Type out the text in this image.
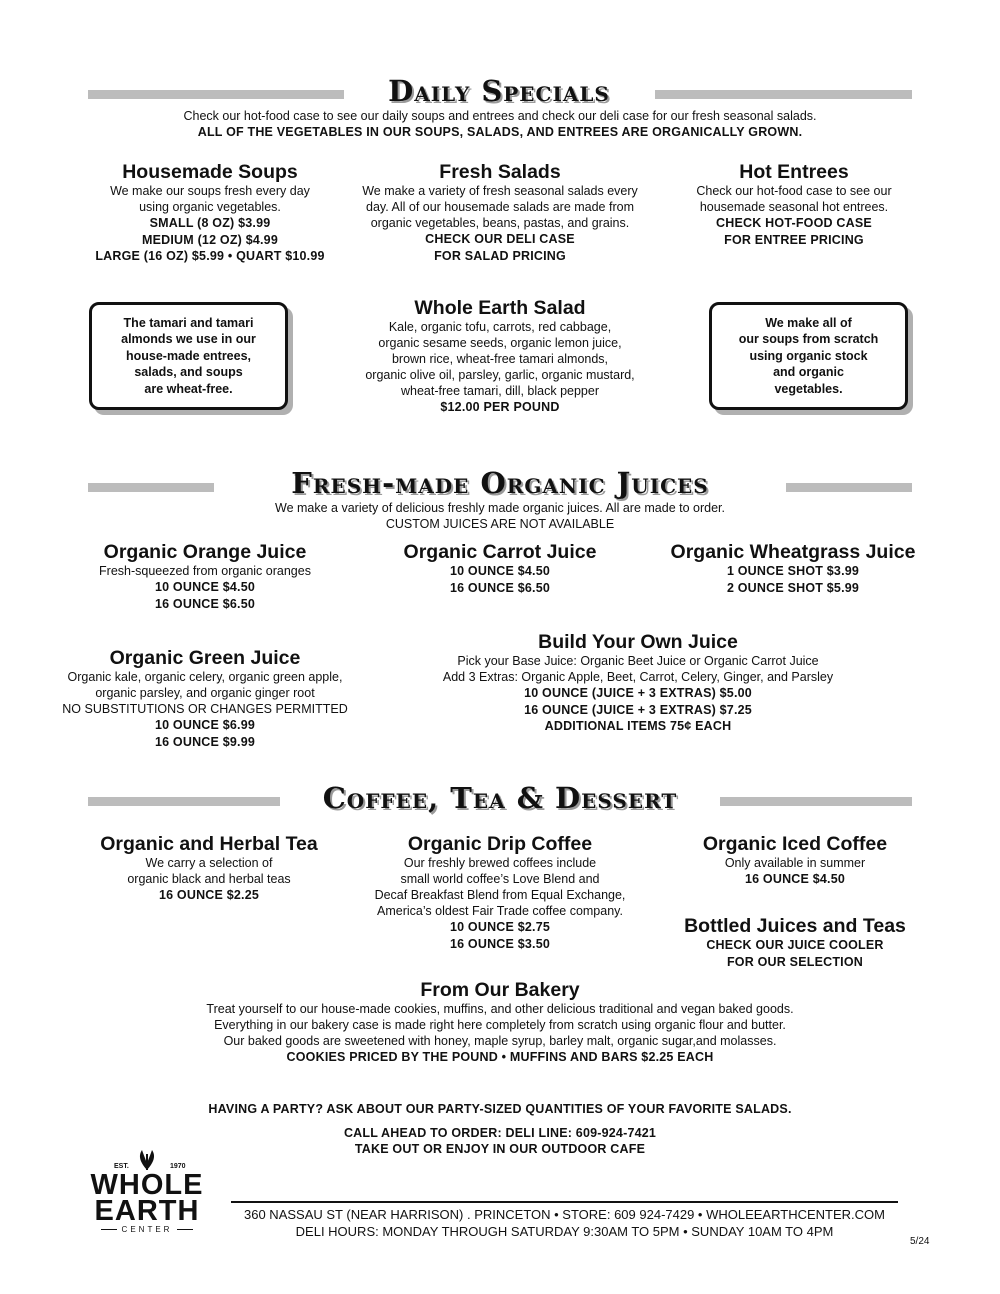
Daily Specials
Check our hot-food case to see our daily soups and entrees and check our deli case for our fresh seasonal salads.
ALL OF THE VEGETABLES IN OUR SOUPS, SALADS, AND ENTREES ARE ORGANICALLY GROWN.
Housemade Soups
We make our soups fresh every day
using organic vegetables.
SMALL (8 OZ) $3.99
MEDIUM (12 OZ) $4.99
LARGE (16 OZ) $5.99 • QUART $10.99
Fresh Salads
We make a variety of fresh seasonal salads every
day. All of our housemade salads are made from
organic vegetables, beans, pastas, and grains.
CHECK OUR DELI CASE
FOR SALAD PRICING
Hot Entrees
Check our hot-food case to see our
housemade seasonal hot entrees.
CHECK HOT-FOOD CASE
FOR ENTREE PRICING
The tamari and tamari
almonds we use in our
house-made entrees,
salads, and soups
are wheat-free.
Whole Earth Salad
Kale, organic tofu, carrots, red cabbage,
organic sesame seeds, organic lemon juice,
brown rice, wheat-free tamari almonds,
organic olive oil, parsley, garlic, organic mustard,
wheat-free tamari, dill, black pepper
$12.00 PER POUND
We make all of
our soups from scratch
using organic stock
and organic
vegetables.
Fresh-made Organic Juices
We make a variety of delicious freshly made organic juices. All are made to order.
CUSTOM JUICES ARE NOT AVAILABLE
Organic Orange Juice
Fresh-squeezed from organic oranges
10 OUNCE $4.50
16 OUNCE $6.50
Organic Carrot Juice
10 OUNCE $4.50
16 OUNCE $6.50
Organic Wheatgrass Juice
1 OUNCE SHOT $3.99
2 OUNCE SHOT $5.99
Organic Green Juice
Organic kale, organic celery, organic green apple,
organic parsley, and organic ginger root
NO SUBSTITUTIONS OR CHANGES PERMITTED
10 OUNCE $6.99
16 OUNCE $9.99
Build Your Own Juice
Pick your Base Juice: Organic Beet Juice or Organic Carrot Juice
Add 3 Extras: Organic Apple, Beet, Carrot, Celery, Ginger, and Parsley
10 OUNCE (JUICE + 3 EXTRAS) $5.00
16 OUNCE (JUICE + 3 EXTRAS) $7.25
ADDITIONAL ITEMS 75¢ EACH
Coffee, Tea & Dessert
Organic and Herbal Tea
We carry a selection of
organic black and herbal teas
16 OUNCE $2.25
Organic Drip Coffee
Our freshly brewed coffees include
small world coffee’s Love Blend and
Decaf Breakfast Blend from Equal Exchange,
America’s oldest Fair Trade coffee company.
10 OUNCE $2.75
16 OUNCE $3.50
Organic Iced Coffee
Only available in summer
16 OUNCE $4.50
Bottled Juices and Teas
CHECK OUR JUICE COOLER
FOR OUR SELECTION
From Our Bakery
Treat yourself to our house-made cookies, muffins, and other delicious traditional and vegan baked goods.
Everything in our bakery case is made right here completely from scratch using organic flour and butter.
Our baked goods are sweetened with honey, maple syrup, barley malt, organic sugar,and molasses.
COOKIES PRICED BY THE POUND • MUFFINS AND BARS $2.25 EACH
HAVING A PARTY? ASK ABOUT OUR PARTY-SIZED QUANTITIES OF YOUR FAVORITE SALADS.
CALL AHEAD TO ORDER: DELI LINE: 609-924-7421
TAKE OUT OR ENJOY IN OUR OUTDOOR CAFE
EST.	1970
WHOLE
EARTH
CENTER
360 NASSAU ST (NEAR HARRISON) . PRINCETON • STORE: 609 924-7429 • WHOLEEARTHCENTER.COM
DELI HOURS: MONDAY THROUGH SATURDAY 9:30AM TO 5PM • SUNDAY 10AM TO 4PM
5/24
